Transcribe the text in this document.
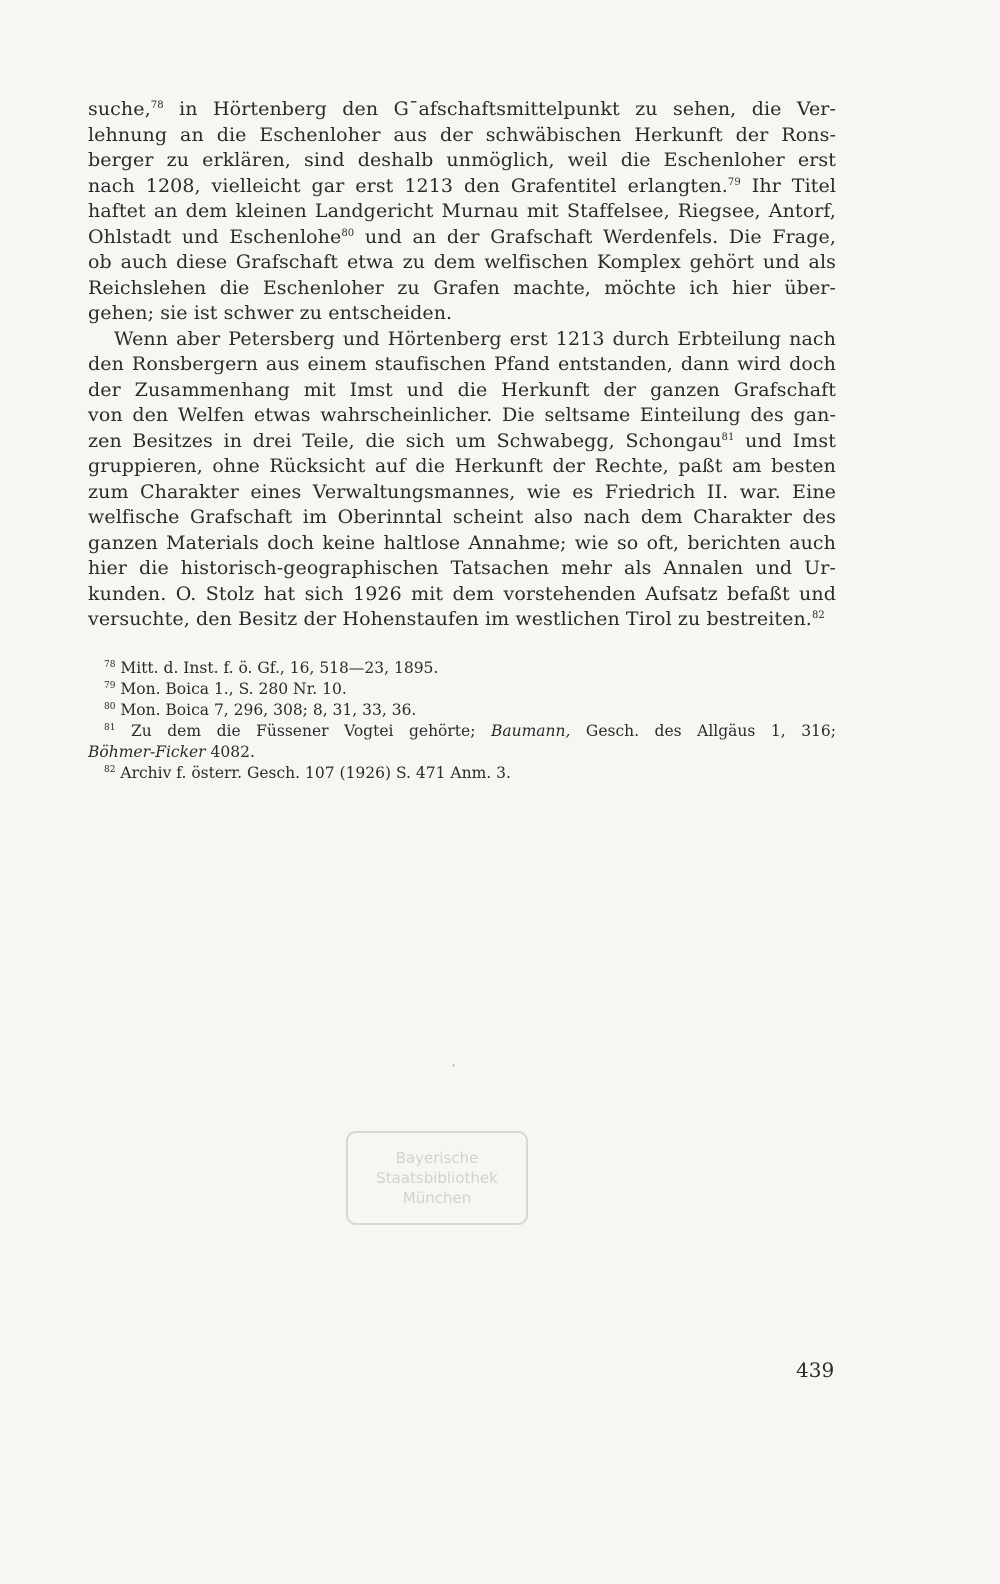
suche,$^{78}$ in Hörtenberg den G¯afschaftsmittelpunkt zu sehen, die Ver-
lehnung an die Eschenloher aus der schwäbischen Herkunft der Rons-
berger zu erklären, sind deshalb unmöglich, weil die Eschenloher erst
nach 1208, vielleicht gar erst 1213 den Grafentitel erlangten.$^{79}$ Ihr Titel
haftet an dem kleinen Landgericht Murnau mit Staffelsee, Riegsee, Antorf,
Ohlstadt und Eschenlohe$^{80}$ und an der Grafschaft Werdenfels. Die Frage,
ob auch diese Grafschaft etwa zu dem welfischen Komplex gehört und als
Reichslehen die Eschenloher zu Grafen machte, möchte ich hier über-
gehen; sie ist schwer zu entscheiden.
Wenn aber Petersberg und Hörtenberg erst 1213 durch Erbteilung nach
den Ronsbergern aus einem staufischen Pfand entstanden, dann wird doch
der Zusammenhang mit Imst und die Herkunft der ganzen Grafschaft
von den Welfen etwas wahrscheinlicher. Die seltsame Einteilung des gan-
zen Besitzes in drei Teile, die sich um Schwabegg, Schongau$^{81}$ und Imst
gruppieren, ohne Rücksicht auf die Herkunft der Rechte, paßt am besten
zum Charakter eines Verwaltungsmannes, wie es Friedrich II. war. Eine
welfische Grafschaft im Oberinntal scheint also nach dem Charakter des
ganzen Materials doch keine haltlose Annahme; wie so oft, berichten auch
hier die historisch-geographischen Tatsachen mehr als Annalen und Ur-
kunden. O. Stolz hat sich 1926 mit dem vorstehenden Aufsatz befaßt und
versuchte, den Besitz der Hohenstaufen im westlichen Tirol zu bestreiten.$^{82}$
$^{78}$ Mitt. d. Inst. f. ö. Gf., 16, 518—23, 1895.
$^{79}$ Mon. Boica 1., S. 280 Nr. 10.
$^{80}$ Mon. Boica 7, 296, 308; 8, 31, 33, 36.
$^{81}$ Zu dem die Füssener Vogtei gehörte; Baumann, Gesch. des Allgäus 1, 316;
Böhmer-Ficker 4082.
$^{82}$ Archiv f. österr. Gesch. 107 (1926) S. 471 Anm. 3.
Bayerische
Staatsbibliothek
München
439
